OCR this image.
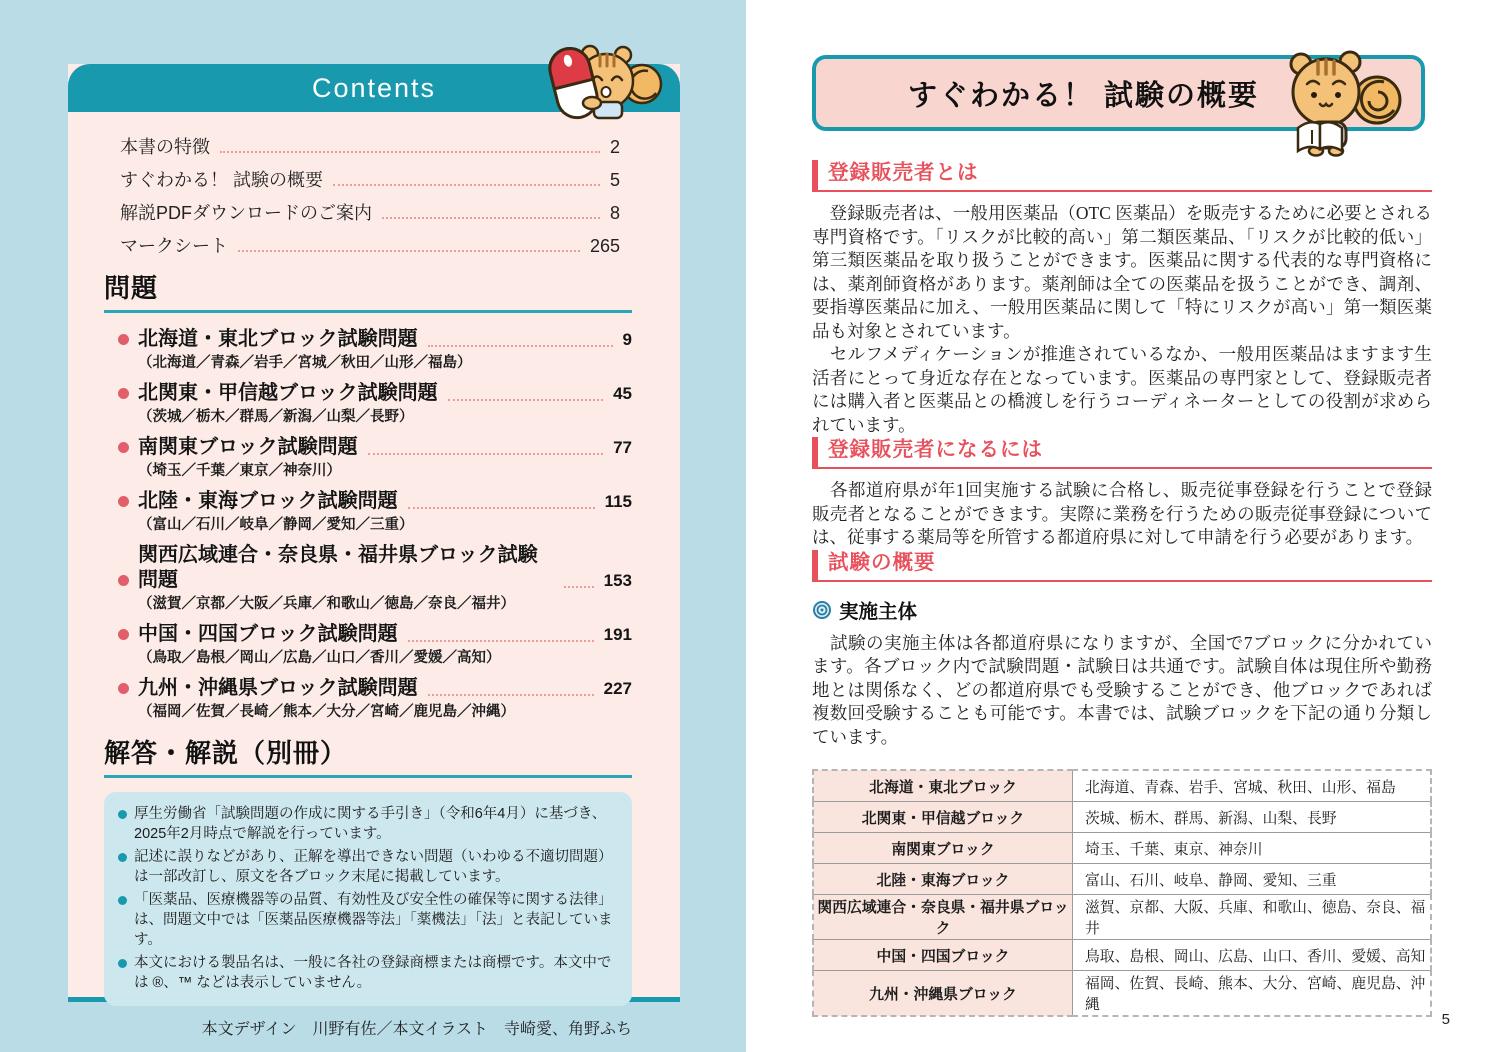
Contents
本書の特徴	2
すぐわかる！ 試験の概要	5
解説PDFダウンロードのご案内	8
マークシート	265
問題
北海道・東北ブロック試験問題	9
（北海道／青森／岩手／宮城／秋田／山形／福島）
北関東・甲信越ブロック試験問題	45
（茨城／栃木／群馬／新潟／山梨／長野）
南関東ブロック試験問題	77
（埼玉／千葉／東京／神奈川）
北陸・東海ブロック試験問題	115
（富山／石川／岐阜／静岡／愛知／三重）
関西広域連合・奈良県・福井県ブロック試験問題	153
（滋賀／京都／大阪／兵庫／和歌山／徳島／奈良／福井）
中国・四国ブロック試験問題	191
（鳥取／島根／岡山／広島／山口／香川／愛媛／高知）
九州・沖縄県ブロック試験問題	227
（福岡／佐賀／長崎／熊本／大分／宮崎／鹿児島／沖縄）
解答・解説（別冊）
厚生労働省「試験問題の作成に関する手引き」（令和6年4月）に基づき、2025年2月時点で解説を行っています。
記述に誤りなどがあり、正解を導出できない問題（いわゆる不適切問題）は一部改訂し、原文を各ブロック末尾に掲載しています。
「医薬品、医療機器等の品質、有効性及び安全性の確保等に関する法律」は、問題文中では「医薬品医療機器等法」「薬機法」「法」と表記しています。
本文における製品名は、一般に各社の登録商標または商標です。本文中では ®、™ などは表示していません。
本文デザイン　川野有佐／本文イラスト　寺崎愛、角野ふち
すぐわかる！ 試験の概要
登録販売者とは

　登録販売者は、一般用医薬品（OTC 医薬品）を販売するために必要とされる専門資格です。「リスクが比較的高い」第二類医薬品、「リスクが比較的低い」第三類医薬品を取り扱うことができます。医薬品に関する代表的な専門資格には、薬剤師資格があります。薬剤師は全ての医薬品を扱うことができ、調剤、要指導医薬品に加え、一般用医薬品に関して「特にリスクが高い」第一類医薬品も対象とされています。

　セルフメディケーションが推進されているなか、一般用医薬品はますます生活者にとって身近な存在となっています。医薬品の専門家として、登録販売者には購入者と医薬品との橋渡しを行うコーディネーターとしての役割が求められています。

登録販売者になるには

　各都道府県が年1回実施する試験に合格し、販売従事登録を行うことで登録販売者となることができます。実際に業務を行うための販売従事登録については、従事する薬局等を所管する都道府県に対して申請を行う必要があります。

試験の概要
実施主体

　試験の実施主体は各都道府県になりますが、全国で7ブロックに分かれています。各ブロック内で試験問題・試験日は共通です。試験自体は現住所や勤務地とは関係なく、どの都道府県でも受験することができ、他ブロックであれば複数回受験することも可能です。本書では、試験ブロックを下記の通り分類しています。

北海道・東北ブロック	北海道、青森、岩手、宮城、秋田、山形、福島
北関東・甲信越ブロック	茨城、栃木、群馬、新潟、山梨、長野
南関東ブロック	埼玉、千葉、東京、神奈川
北陸・東海ブロック	富山、石川、岐阜、静岡、愛知、三重
関西広域連合・奈良県・福井県ブロック	滋賀、京都、大阪、兵庫、和歌山、徳島、奈良、福井
中国・四国ブロック	鳥取、島根、岡山、広島、山口、香川、愛媛、高知
九州・沖縄県ブロック	福岡、佐賀、長崎、熊本、大分、宮崎、鹿児島、沖縄
5
